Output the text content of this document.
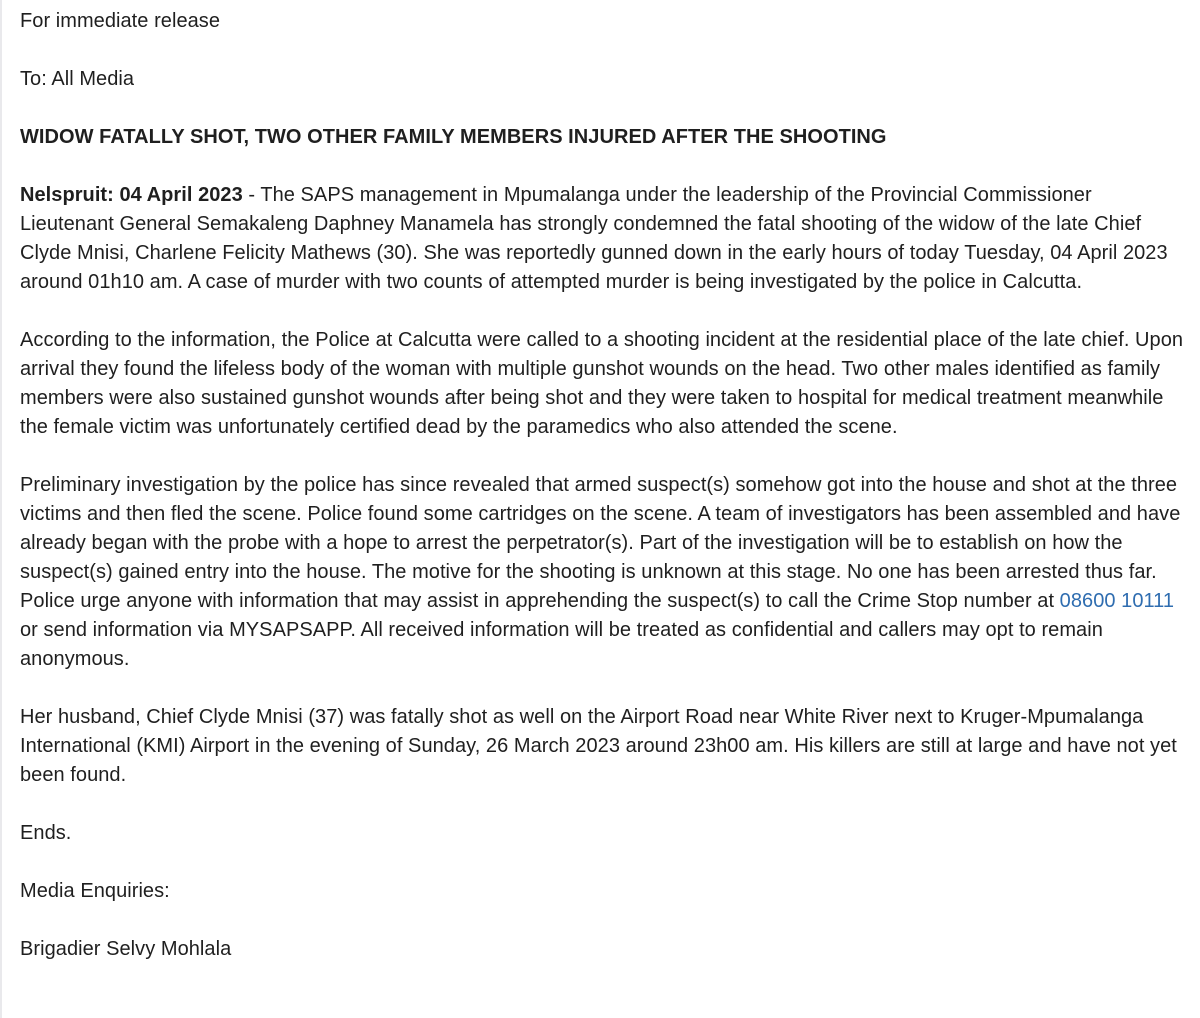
For immediate release

To: All Media

WIDOW FATALLY SHOT, TWO OTHER FAMILY MEMBERS INJURED AFTER THE SHOOTING

Nelspruit: 04 April 2023 - The SAPS management in Mpumalanga under the leadership of the Provincial Commissioner Lieutenant General Semakaleng Daphney Manamela has strongly condemned the fatal shooting of the widow of the late Chief Clyde Mnisi, Charlene Felicity Mathews (30). She was reportedly gunned down in the early hours of today Tuesday, 04 April 2023 around 01h10 am. A case of murder with two counts of attempted murder is being investigated by the police in Calcutta.

According to the information, the Police at Calcutta were called to a shooting incident at the residential place of the late chief. Upon arrival they found the lifeless body of the woman with multiple gunshot wounds on the head. Two other males identified as family members were also sustained gunshot wounds after being shot and they were taken to hospital for medical treatment meanwhile the female victim was unfortunately certified dead by the paramedics who also attended the scene.

Preliminary investigation by the police has since revealed that armed suspect(s) somehow got into the house and shot at the three victims and then fled the scene. Police found some cartridges on the scene. A team of investigators has been assembled and have already began with the probe with a hope to arrest the perpetrator(s). Part of the investigation will be to establish on how the suspect(s) gained entry into the house. The motive for the shooting is unknown at this stage. No one has been arrested thus far. Police urge anyone with information that may assist in apprehending the suspect(s) to call the Crime Stop number at 08600 10111 or send information via MYSAPSAPP. All received information will be treated as confidential and callers may opt to remain anonymous.

Her husband, Chief Clyde Mnisi (37) was fatally shot as well on the Airport Road near White River next to Kruger-Mpumalanga International (KMI) Airport in the evening of Sunday, 26 March 2023 around 23h00 am. His killers are still at large and have not yet been found.

Ends.

Media Enquiries:

Brigadier Selvy Mohlala
